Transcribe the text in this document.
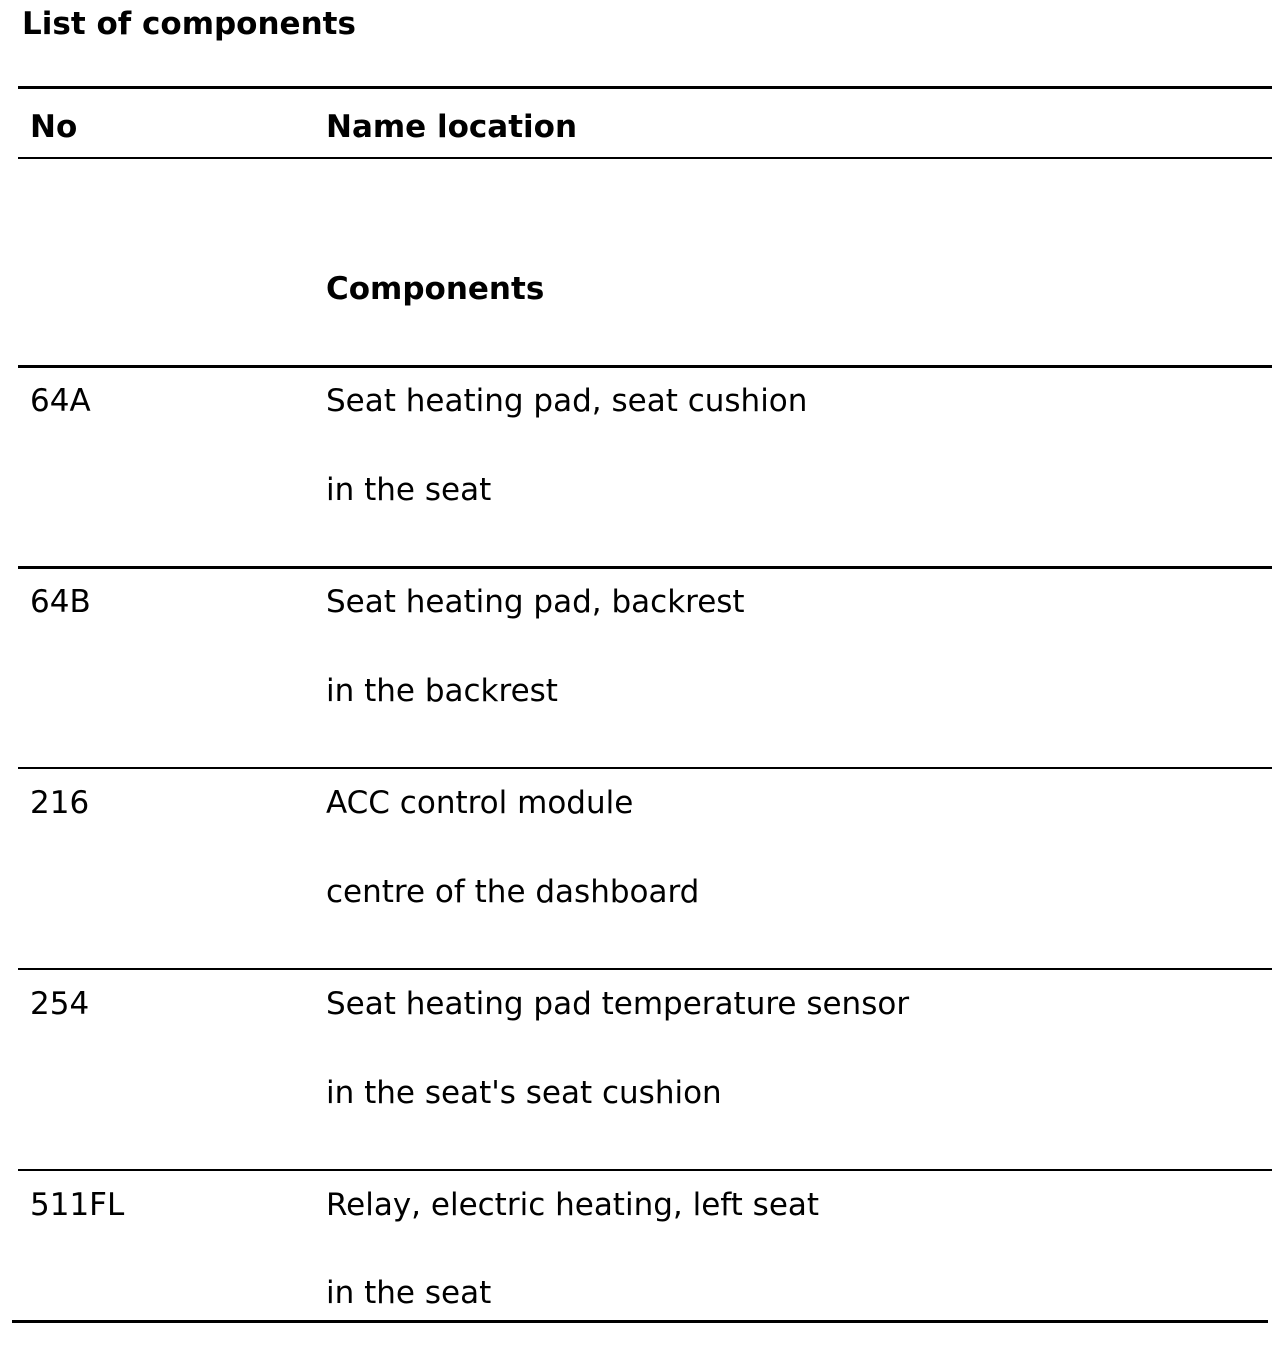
List of components
No	Name location
Components
64A	Seat heating pad, seat cushion
in the seat
64B	Seat heating pad, backrest
in the backrest
216	ACC control module
centre of the dashboard
254	Seat heating pad temperature sensor
in the seat's seat cushion
511FL	Relay, electric heating, left seat
in the seat
